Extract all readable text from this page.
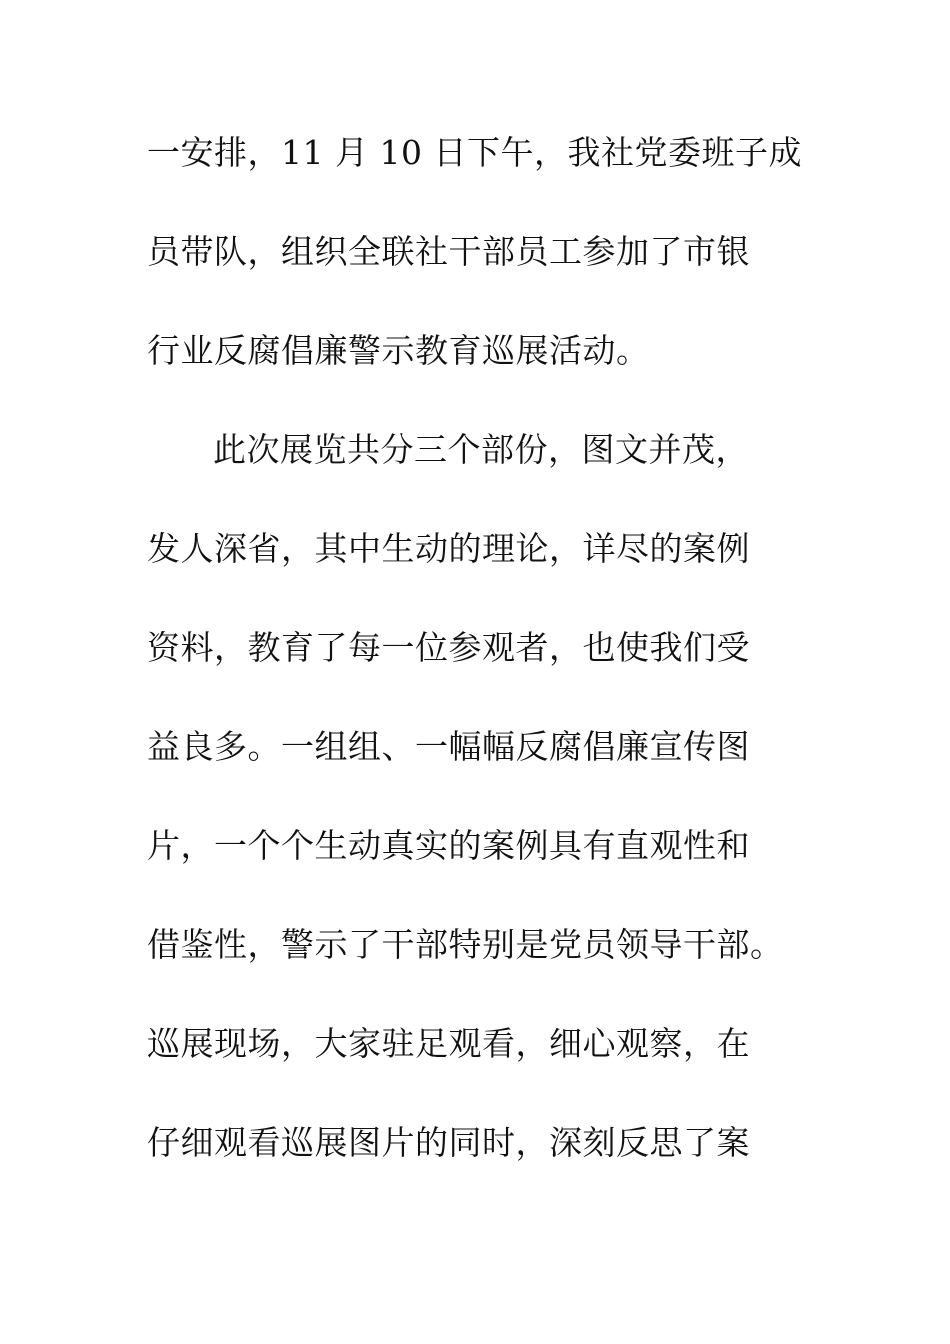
一安排，11 月 10 日下午，我社党委班子成
员带队，组织全联社干部员工参加了市银
行业反腐倡廉警示教育巡展活动。
此次展览共分三个部份，图文并茂，
发人深省，其中生动的理论，详尽的案例
资料，教育了每一位参观者，也使我们受
益良多。一组组、一幅幅反腐倡廉宣传图
片，一个个生动真实的案例具有直观性和
借鉴性，警示了干部特别是党员领导干部。
巡展现场，大家驻足观看，细心观察，在
仔细观看巡展图片的同时，深刻反思了案
